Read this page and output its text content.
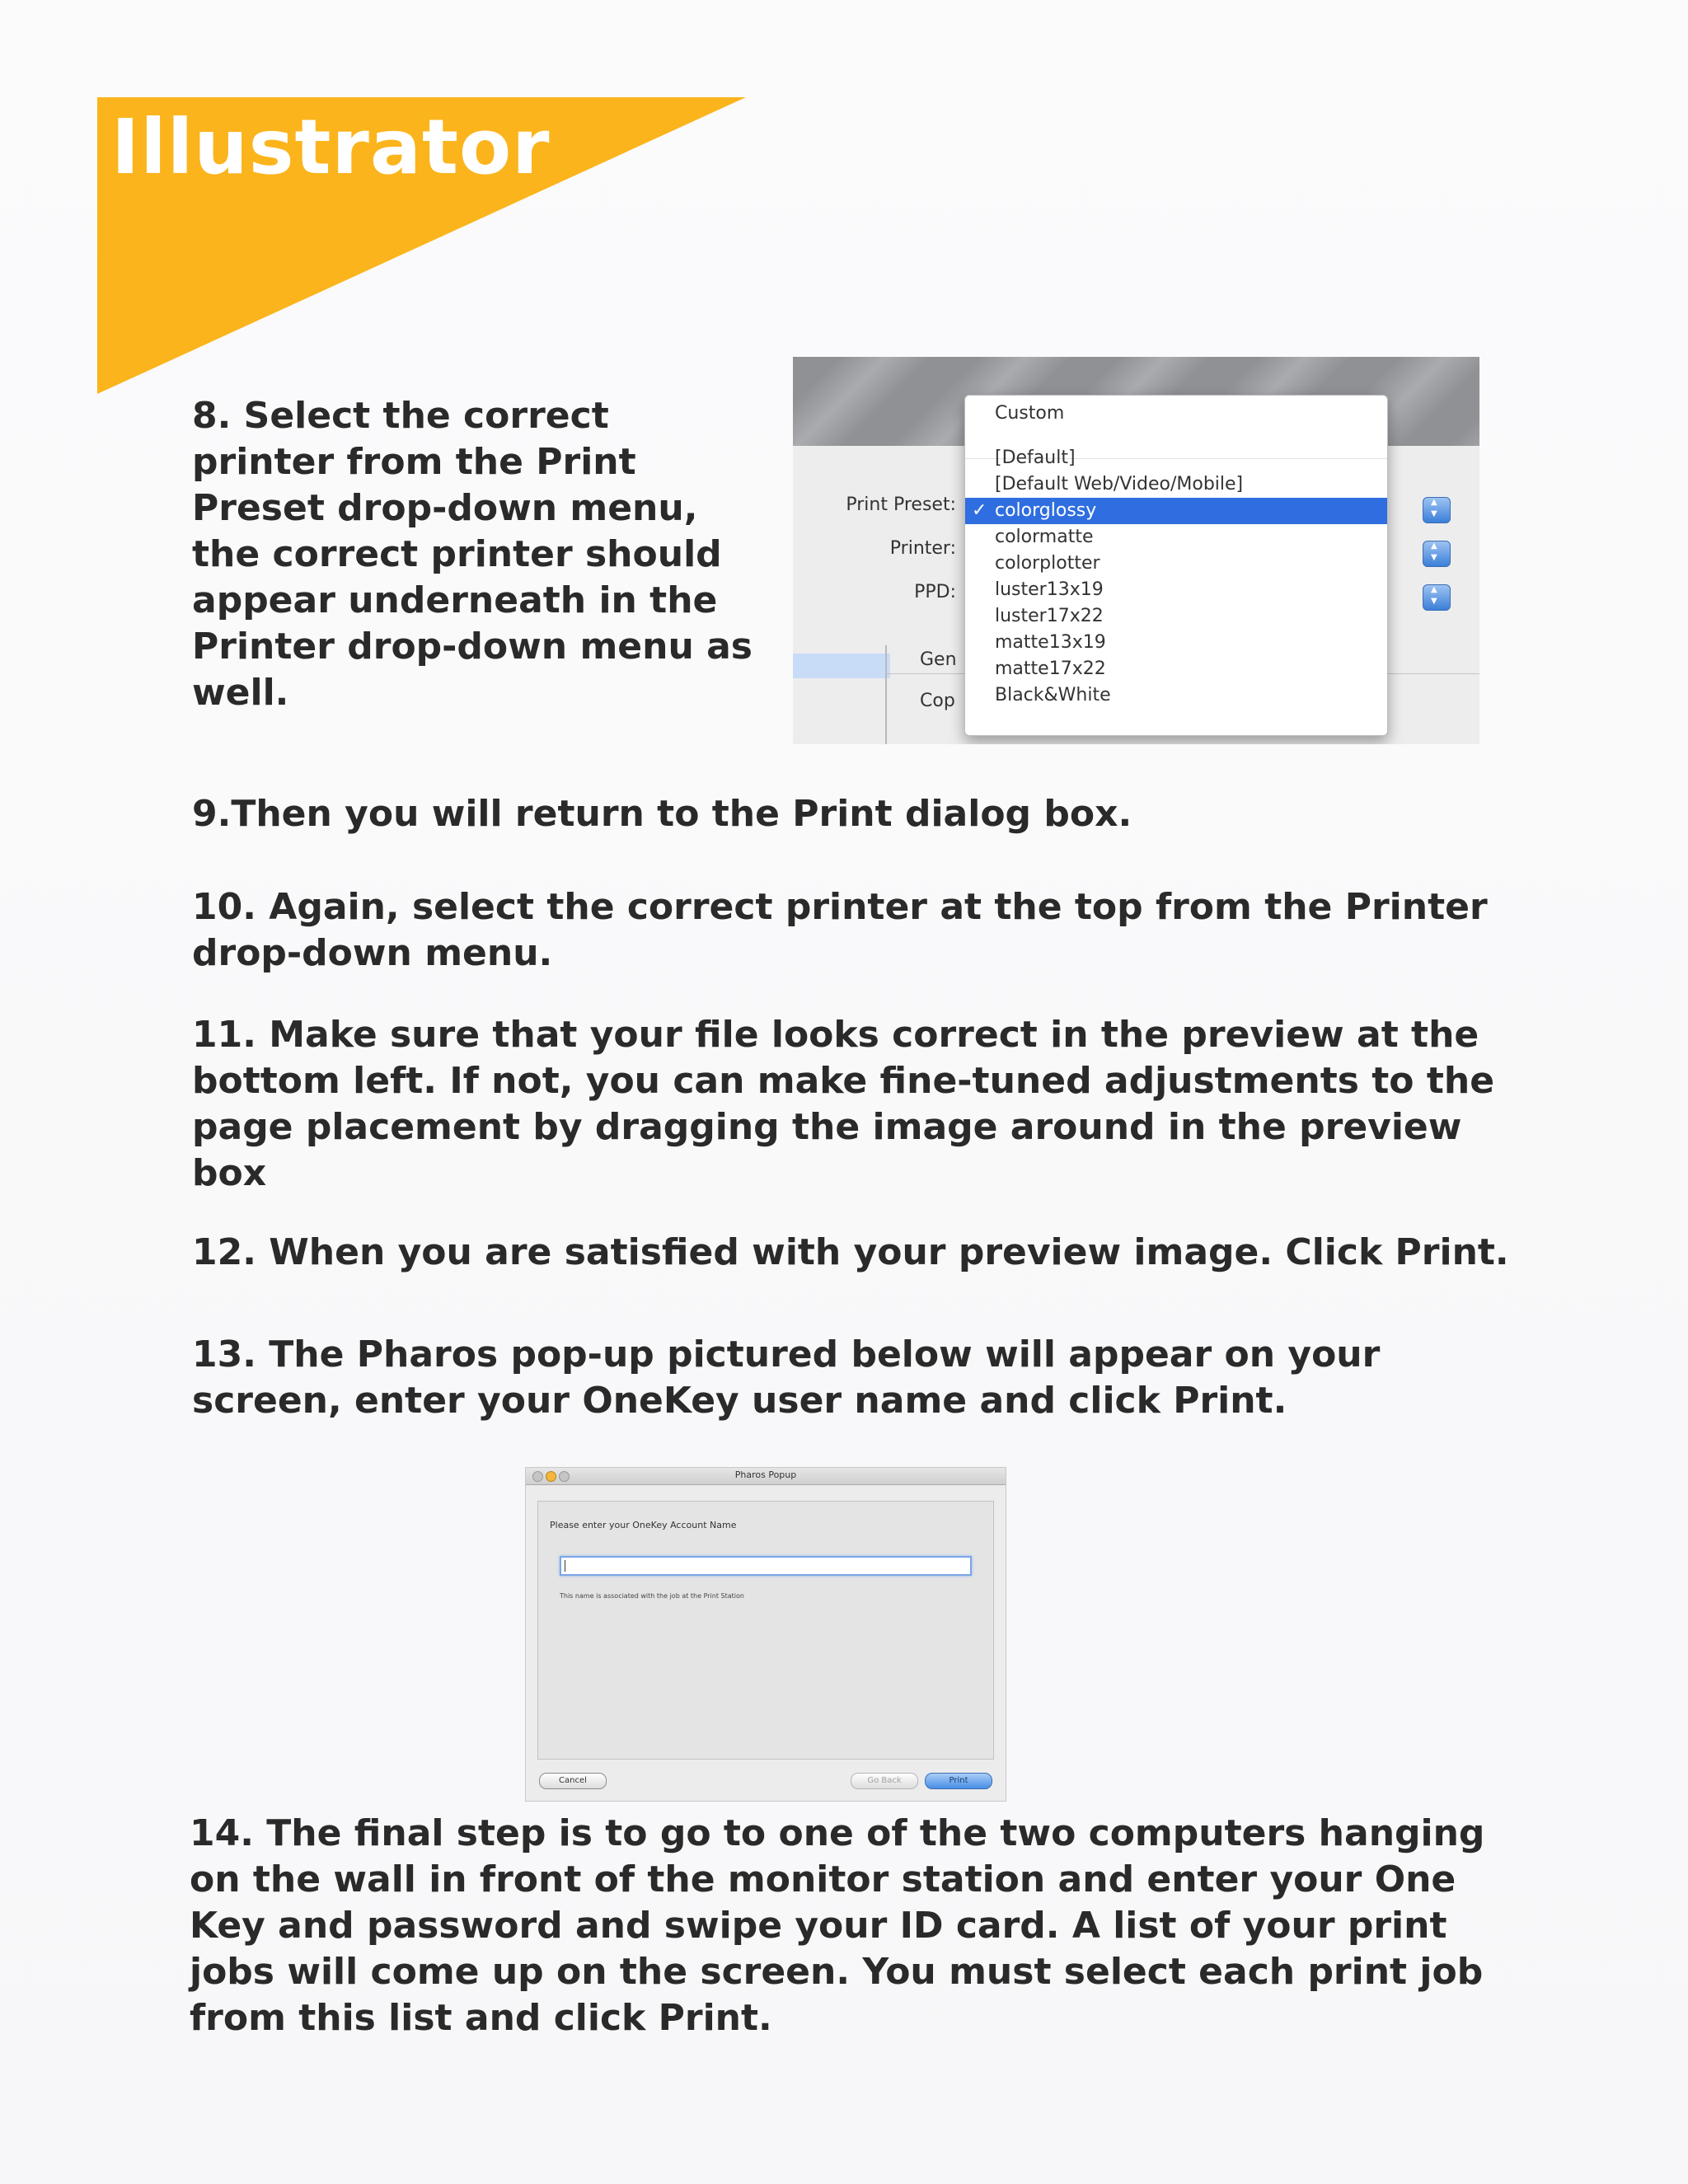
Illustrator
8. Select the correct printer from the Print Preset drop-down menu, the correct printer should appear underneath in the Printer drop-down menu as well.
Print Preset:
Printer:
PPD:
Gen
Cop
▲ ▼
▲ ▼
▲ ▼
Custom
[Default]
[Default Web/Video/Mobile]
✓ colorglossy
colormatte
colorplotter
luster13x19
luster17x22
matte13x19
matte17x22
Black&White
9.Then you will return to the Print dialog box.
10. Again, select the correct printer at the top from the Printer drop-down menu.
11. Make sure that your file looks correct in the preview at the bottom left. If not, you can make fine-tuned adjustments to the page placement by dragging the image around in the preview box
12. When you are satisfied with your preview image. Click Print.
13. The Pharos pop-up pictured below will appear on your screen, enter your OneKey user name and click Print.
Pharos Popup
Please enter your OneKey Account Name
This name is associated with the job at the Print Station
Cancel	Go Back	Print
14. The final step is to go to one of the two computers hanging on the wall in front of the monitor station and enter your One Key and password and swipe your ID card. A list of your print jobs will come up on the screen. You must select each print job from this list and click Print.
